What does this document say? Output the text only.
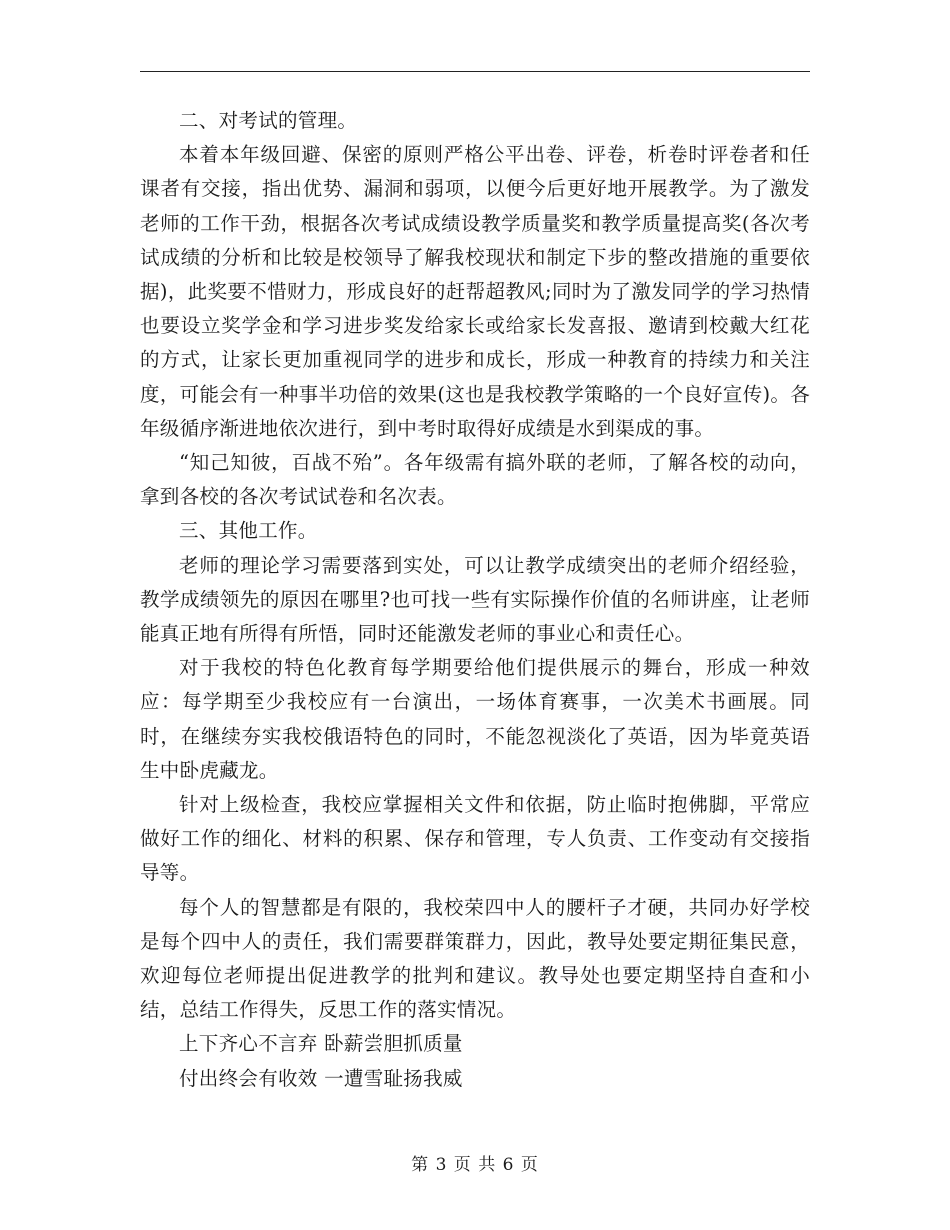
二、对考试的管理。

本着本年级回避、保密的原则严格公平出卷、评卷，析卷时评卷者和任课者有交接，指出优势、漏洞和弱项，以便今后更好地开展教学。为了激发老师的工作干劲，根据各次考试成绩设教学质量奖和教学质量提高奖(各次考试成绩的分析和比较是校领导了解我校现状和制定下步的整改措施的重要依据)，此奖要不惜财力，形成良好的赶帮超教风;同时为了激发同学的学习热情也要设立奖学金和学习进步奖发给家长或给家长发喜报、邀请到校戴大红花的方式，让家长更加重视同学的进步和成长，形成一种教育的持续力和关注度，可能会有一种事半功倍的效果(这也是我校教学策略的一个良好宣传)。各年级循序渐进地依次进行，到中考时取得好成绩是水到渠成的事。

“知己知彼，百战不殆”。各年级需有搞外联的老师，了解各校的动向，拿到各校的各次考试试卷和名次表。

三、其他工作。

老师的理论学习需要落到实处，可以让教学成绩突出的老师介绍经验，教学成绩领先的原因在哪里?也可找一些有实际操作价值的名师讲座，让老师能真正地有所得有所悟，同时还能激发老师的事业心和责任心。

对于我校的特色化教育每学期要给他们提供展示的舞台，形成一种效应：每学期至少我校应有一台演出，一场体育赛事，一次美术书画展。同时，在继续夯实我校俄语特色的同时，不能忽视淡化了英语，因为毕竟英语生中卧虎藏龙。

针对上级检查，我校应掌握相关文件和依据，防止临时抱佛脚，平常应做好工作的细化、材料的积累、保存和管理，专人负责、工作变动有交接指导等。

每个人的智慧都是有限的，我校荣四中人的腰杆子才硬，共同办好学校是每个四中人的责任，我们需要群策群力，因此，教导处要定期征集民意，欢迎每位老师提出促进教学的批判和建议。教导处也要定期坚持自查和小结，总结工作得失，反思工作的落实情况。

上下齐心不言弃 卧薪尝胆抓质量

付出终会有收效 一遭雪耻扬我威

第 3 页 共 6 页
